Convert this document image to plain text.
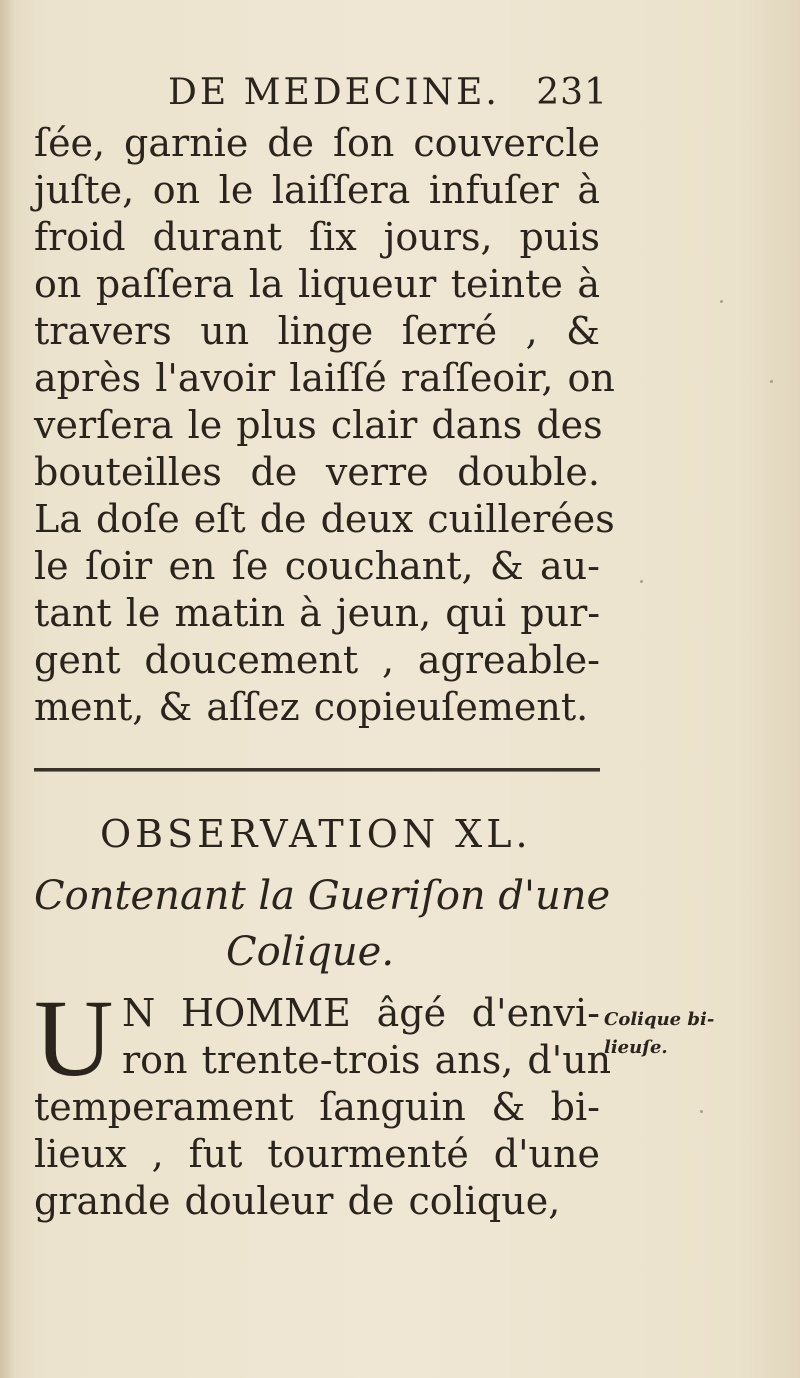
DE MEDECINE. 231
ſée, garnie de ſon couvercle
juſte, on le laiſſera infuſer à
froid durant ſix jours, puis
on paſſera la liqueur teinte à
travers un linge ſerré , &
après l'avoir laiſſé raſſeoir, on
verſera le plus clair dans des
bouteilles de verre double.
La doſe eſt de deux cuillerées
le ſoir en ſe couchant, & au-
tant le matin à jeun, qui pur-
gent doucement , agreable-
ment, & aſſez copieuſement.
OBSERVATION XL.
Contenant la Gueriſon d'une
Colique.
U N HOMME âgé d'envi-
ron trente-trois ans, d'un
temperament ſanguin & bi-
lieux , fut tourmenté d'une
grande douleur de colique,
Colique bi-
lieuſe.
